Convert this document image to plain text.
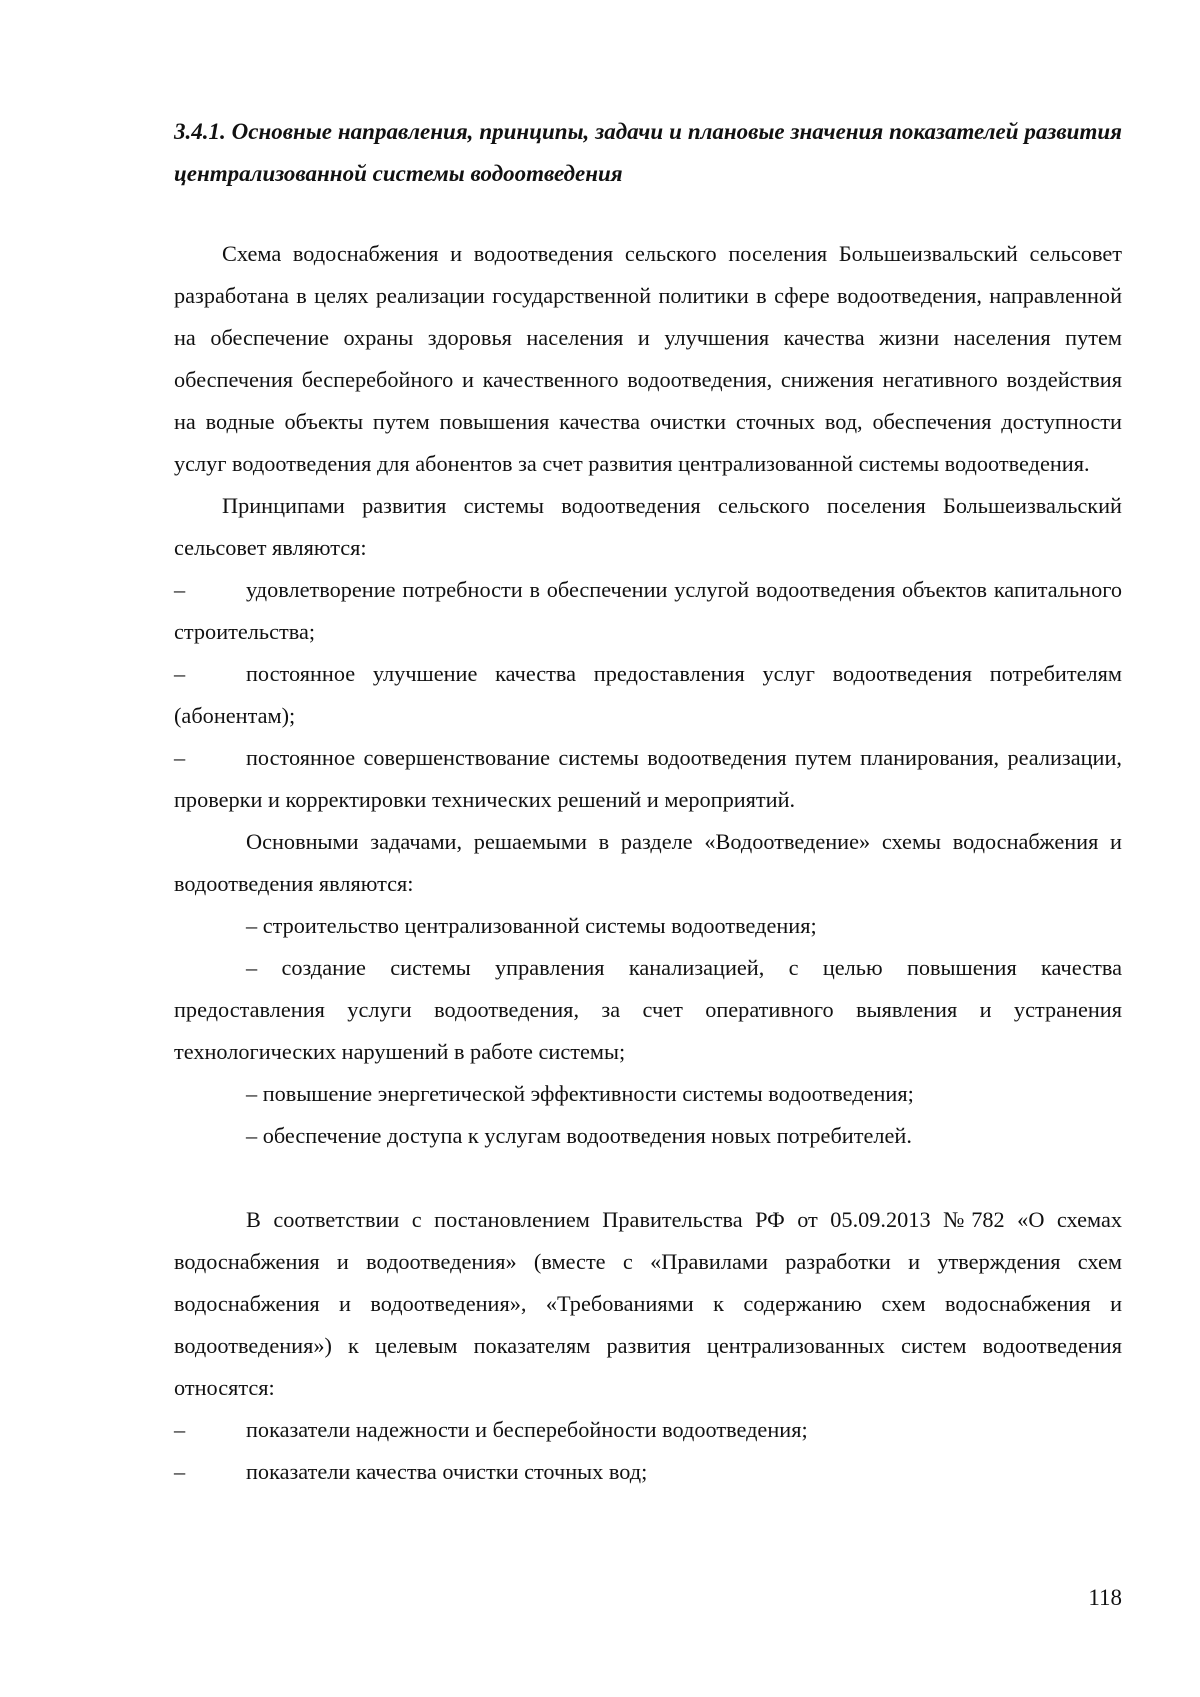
3.4.1. Основные направления, принципы, задачи и плановые значения показателей развития централизованной системы водоотведения

Схема водоснабжения и водоотведения сельского поселения Большеизвальский сельсовет разработана в целях реализации государственной политики в сфере водоотведения, направленной на обеспечение охраны здоровья населения и улучшения качества жизни населения путем обеспечения бесперебойного и качественного водоотведения, снижения негативного воздействия на водные объекты путем повышения качества очистки сточных вод, обеспечения доступности услуг водоотведения для абонентов за счет развития централизованной системы водоотведения.

Принципами развития системы водоотведения сельского поселения Большеизвальский сельсовет являются:

–	удовлетворение потребности в обеспечении услугой водоотведения объектов капитального строительства;

–	постоянное улучшение качества предоставления услуг водоотведения потребителям (абонентам);

–	постоянное совершенствование системы водоотведения путем планирования, реализации, проверки и корректировки технических решений и мероприятий.

Основными задачами, решаемыми в разделе «Водоотведение» схемы водоснабжения и водоотведения являются:

– строительство централизованной системы водоотведения;

– создание системы управления канализацией, с целью повышения качества предоставления услуги водоотведения, за счет оперативного выявления и устранения технологических нарушений в работе системы;

– повышение энергетической эффективности системы водоотведения;

– обеспечение доступа к услугам водоотведения новых потребителей.

В соответствии с постановлением Правительства РФ от 05.09.2013 №782 «О схемах водоснабжения и водоотведения» (вместе с «Правилами разработки и утверждения схем водоснабжения и водоотведения», «Требованиями к содержанию схем водоснабжения и водоотведения») к целевым показателям развития централизованных систем водоотведения относятся:

–	показатели надежности и бесперебойности водоотведения;

–	показатели качества очистки сточных вод;

118
